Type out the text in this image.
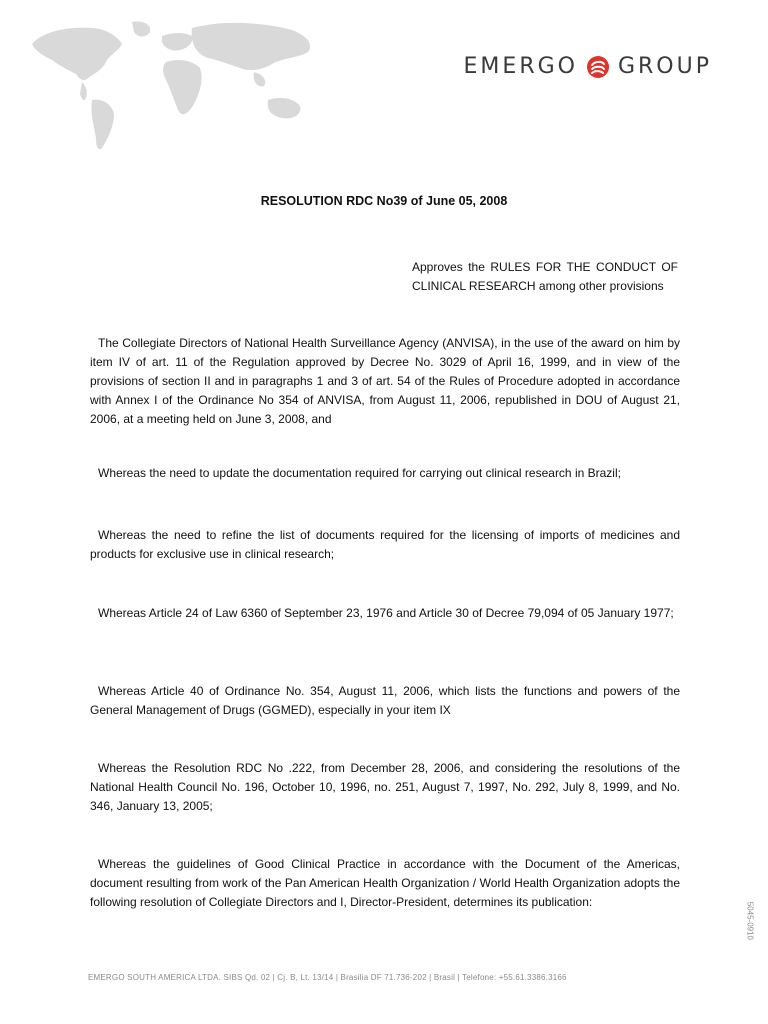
EMERGO GROUP
RESOLUTION RDC No39 of June 05, 2008
Approves the RULES FOR THE CONDUCT OF CLINICAL RESEARCH among other provisions
The Collegiate Directors of National Health Surveillance Agency (ANVISA), in the use of the award on him by item IV of art. 11 of the Regulation approved by Decree No. 3029 of April 16, 1999, and in view of the provisions of section II and in paragraphs 1 and 3 of art. 54 of the Rules of Procedure adopted in accordance with Annex I of the Ordinance No 354 of ANVISA, from August 11, 2006, republished in DOU of August 21, 2006, at a meeting held on June 3, 2008, and
Whereas the need to update the documentation required for carrying out clinical research in Brazil;
Whereas the need to refine the list of documents required for the licensing of imports of medicines and products for exclusive use in clinical research;
Whereas Article 24 of Law 6360 of September 23, 1976 and Article 30 of Decree 79,094 of 05 January 1977;
Whereas Article 40 of Ordinance No. 354, August 11, 2006, which lists the functions and powers of the General Management of Drugs (GGMED), especially in your item IX
Whereas the Resolution RDC No .222, from December 28, 2006, and considering the resolutions of the National Health Council No. 196, October 10, 1996, no. 251, August 7, 1997, No. 292, July 8, 1999, and No. 346, January 13, 2005;
Whereas the guidelines of Good Clinical Practice in accordance with the Document of the Americas, document resulting from work of the Pan American Health Organization / World Health Organization adopts the following resolution of Collegiate Directors and I, Director-President, determines its publication:
EMERGO SOUTH AMERICA LTDA. SIBS Qd. 02 | Cj. B, Lt. 13/14 | Brasilia DF 71.736-202 | Brasil | Telefone: +55.61.3386.3166
5045-0910
